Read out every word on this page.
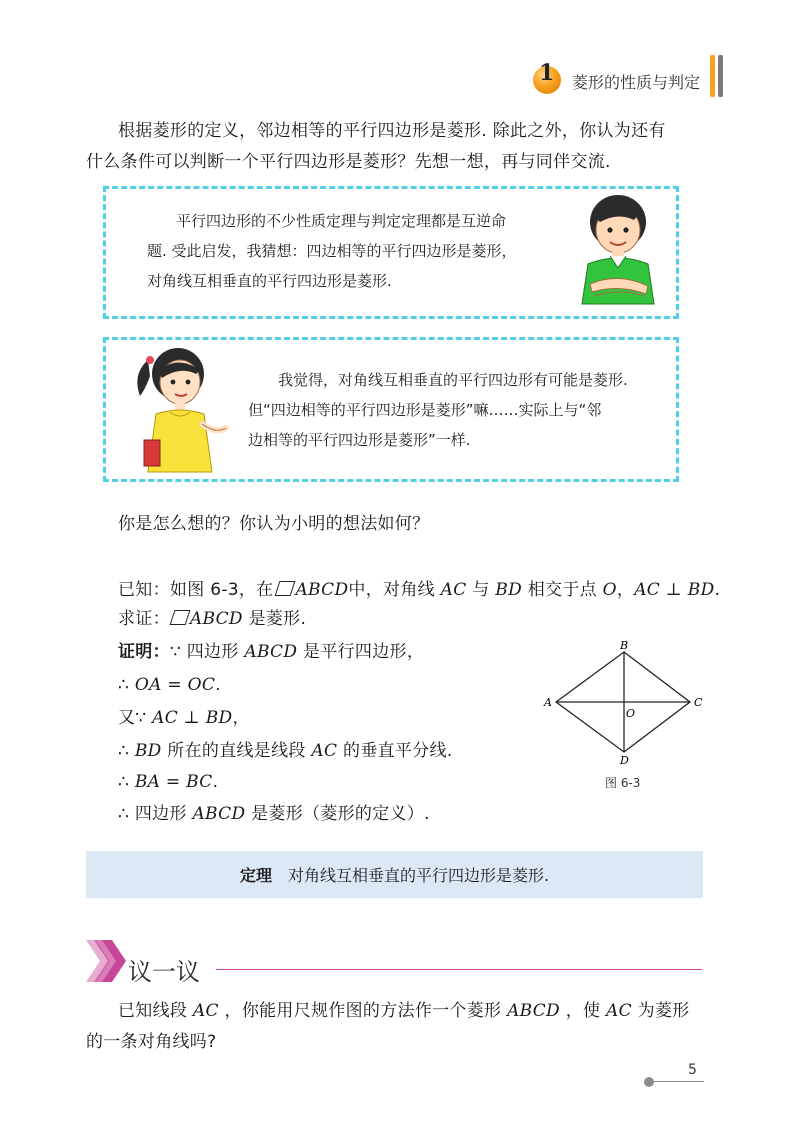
1 菱形的性质与判定
根据菱形的定义，邻边相等的平行四边形是菱形. 除此之外，你认为还有
什么条件可以判断一个平行四边形是菱形？先想一想，再与同伴交流.
平行四边形的不少性质定理与判定定理都是互逆命
题. 受此启发，我猜想：四边相等的平行四边形是菱形，
对角线互相垂直的平行四边形是菱形.
我觉得，对角线互相垂直的平行四边形有可能是菱形.
但“四边相等的平行四边形是菱形”嘛……实际上与“邻
边相等的平行四边形是菱形”一样.
你是怎么想的？你认为小明的想法如何？
已知：如图 6-3，在 ABCD中，对角线 AC 与 BD 相交于点 O，AC ⊥ BD.
求证： ABCD 是菱形.
证明：∵ 四边形 ABCD 是平行四边形，
∴ OA = OC.
又∵ AC ⊥ BD，
∴ BD 所在的直线是线段 AC 的垂直平分线.
∴ BA = BC.
∴ 四边形 ABCD 是菱形（菱形的定义）.
A
B
C
D
O
图 6-3
定理 对角线互相垂直的平行四边形是菱形.
议一议
已知线段 AC ，你能用尺规作图的方法作一个菱形 ABCD ，使 AC 为菱形
的一条对角线吗?
5
